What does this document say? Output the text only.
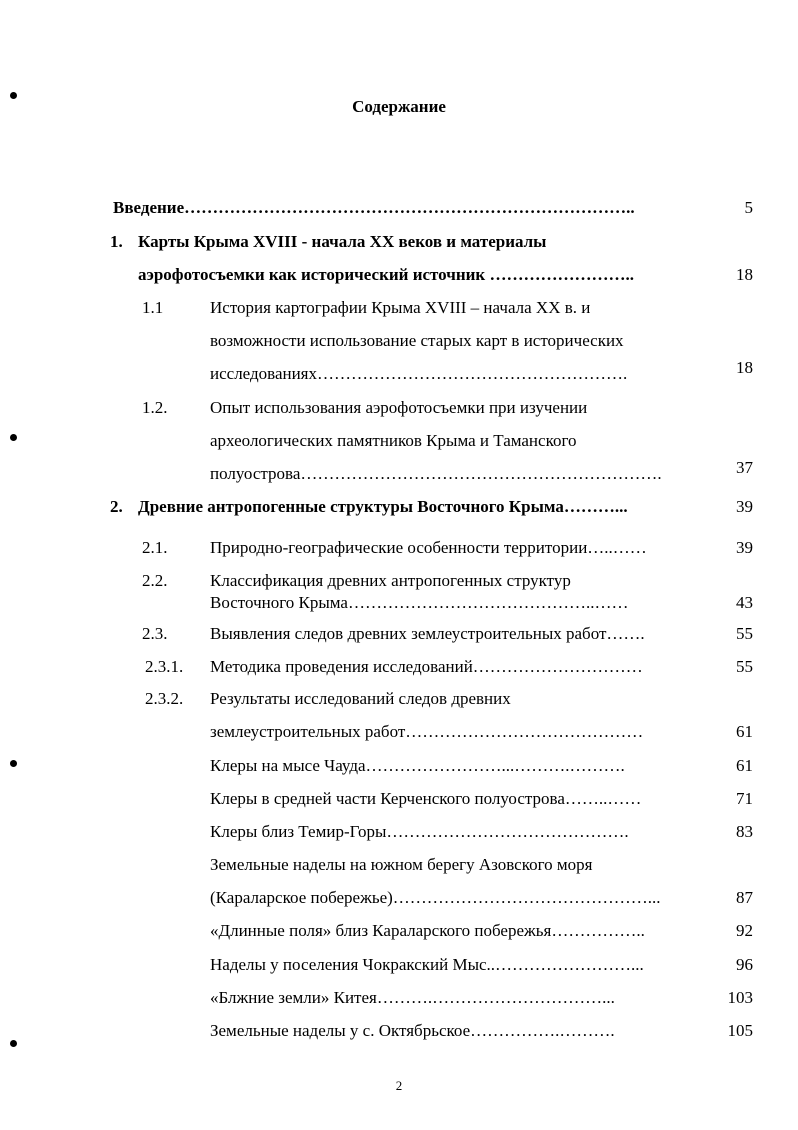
Содержание
Введение……………………………………………………………………..	5
1. Карты Крыма XVIII - начала XX веков и материалы
аэрофотосъемки как исторический источник ……………………..	18
1.1	История картографии Крыма XVIII – начала XX в. и
возможности использование старых карт в исторических
исследованиях……………………………………………….	18
1.2.	Опыт использования аэрофотосъемки при изучении
археологических памятников Крыма и Таманского
полуострова……………………………………………………….	37
2. Древние антропогенные структуры Восточного Крыма………...	39
2.1.	Природно-географические особенности территории…..……	39
2.2.	Классификация древних антропогенных структур
Восточного Крыма……………………………………..……	43
2.3.	Выявления следов древних землеустроительных работ…….	55
2.3.1. Методика проведения исследований…………………………	55
2.3.2. Результаты исследований следов древних
землеустроительных работ……………………………………	61
Клеры на мысе Чауда……………………...……….……….	61
Клеры в средней части Керченского полуострова……..……	71
Клеры близ Темир-Горы…………………………………….	83
Земельные наделы на южном берегу Азовского моря
(Караларское побережье)………………………………………...	87
«Длинные поля» близ Караларского побережья……………..	92
Наделы у поселения Чокракский Мыс..……………………...	96
«Блжние земли» Китея……….…………………………...	103
Земельные наделы у с. Октябрьское…………….……….	105
2
